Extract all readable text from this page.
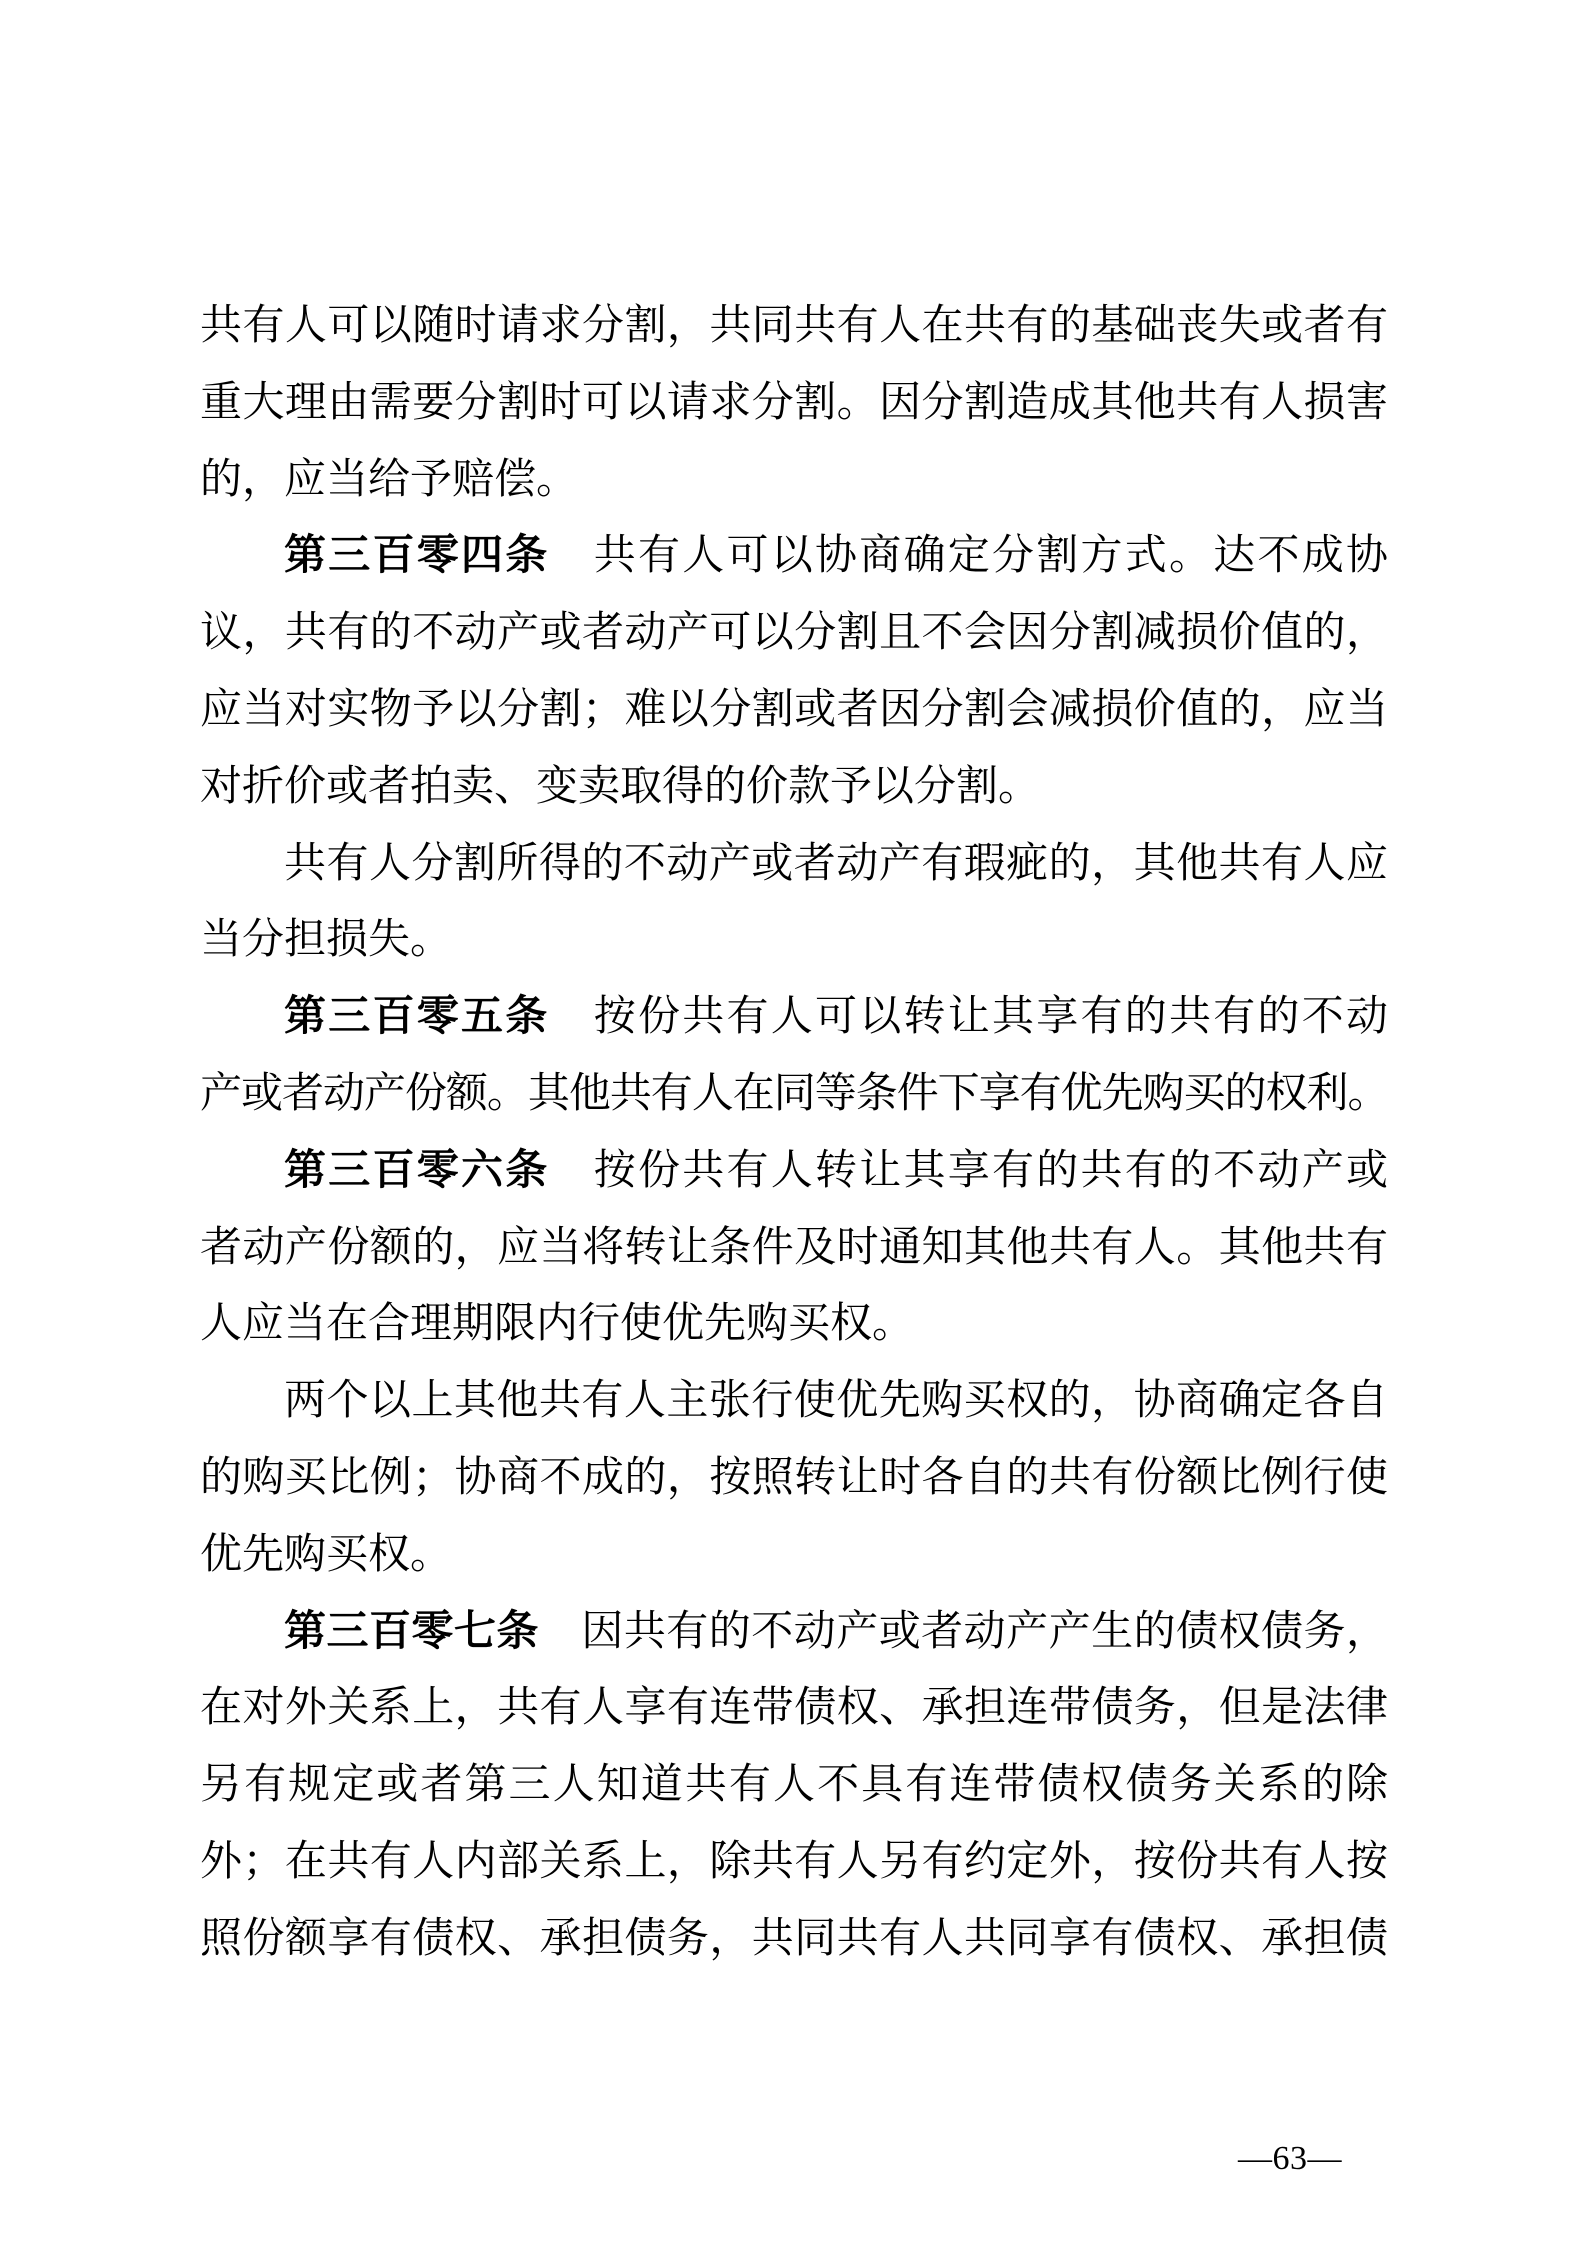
共有人可以随时请求分割，共同共有人在共有的基础丧失或者有
重大理由需要分割时可以请求分割。因分割造成其他共有人损害
的，应当给予赔偿。
第三百零四条　共有人可以协商确定分割方式。达不成协
议，共有的不动产或者动产可以分割且不会因分割减损价值的，
应当对实物予以分割；难以分割或者因分割会减损价值的，应当
对折价或者拍卖、变卖取得的价款予以分割。
共有人分割所得的不动产或者动产有瑕疵的，其他共有人应
当分担损失。
第三百零五条　按份共有人可以转让其享有的共有的不动
产或者动产份额。其他共有人在同等条件下享有优先购买的权利。
第三百零六条　按份共有人转让其享有的共有的不动产或
者动产份额的，应当将转让条件及时通知其他共有人。其他共有
人应当在合理期限内行使优先购买权。
两个以上其他共有人主张行使优先购买权的，协商确定各自
的购买比例；协商不成的，按照转让时各自的共有份额比例行使
优先购买权。
第三百零七条　因共有的不动产或者动产产生的债权债务，
在对外关系上，共有人享有连带债权、承担连带债务，但是法律
另有规定或者第三人知道共有人不具有连带债权债务关系的除
外；在共有人内部关系上，除共有人另有约定外，按份共有人按
照份额享有债权、承担债务，共同共有人共同享有债权、承担债
—63—
